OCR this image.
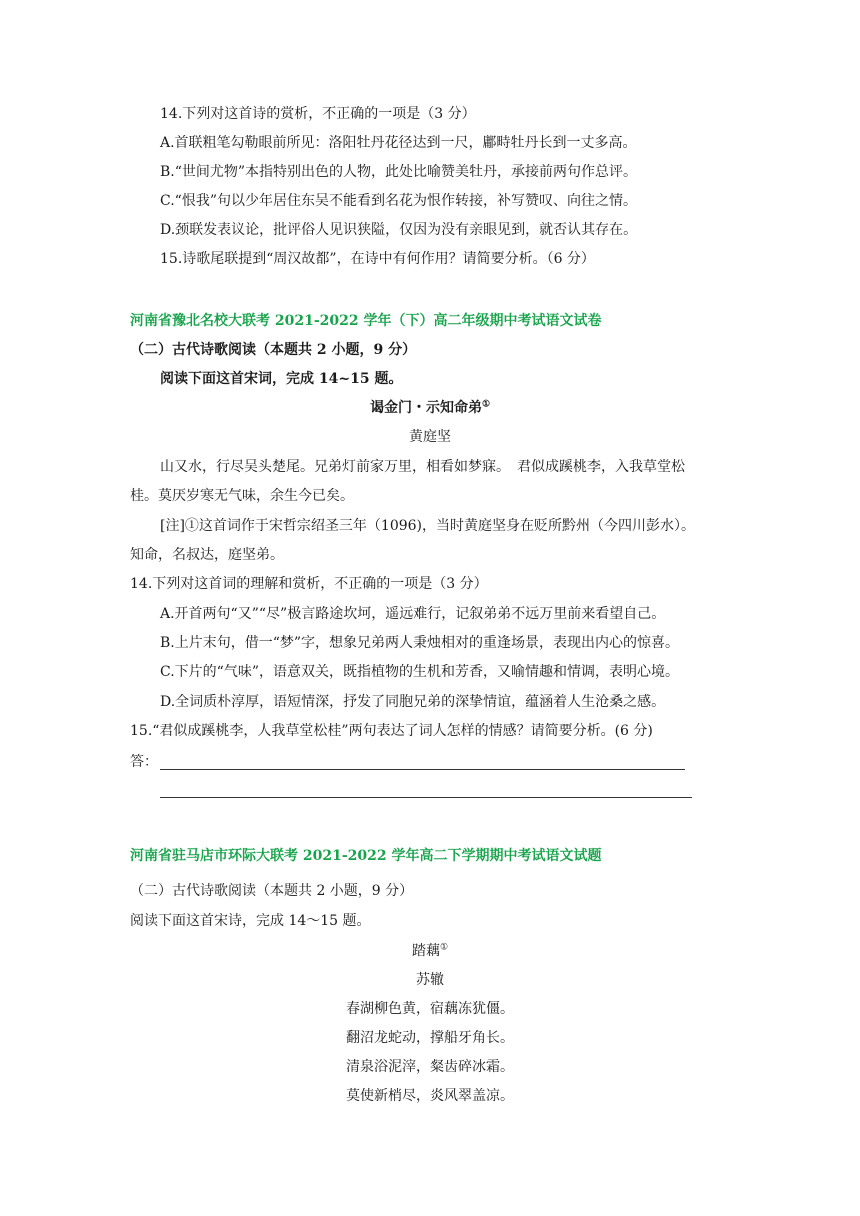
14.下列对这首诗的赏析，不正确的一项是（3 分）
A.首联粗笔勾勒眼前所见：洛阳牡丹花径达到一尺，鄘畤牡丹长到一丈多高。
B.“世间尤物”本指特别出色的人物，此处比喻赞美牡丹，承接前两句作总评。
C.“恨我”句以少年居住东吴不能看到名花为恨作转接，补写赞叹、向往之情。
D.颈联发表议论，批评俗人见识狭隘，仅因为没有亲眼见到，就否认其存在。
15.诗歌尾联提到“周汉故都”，在诗中有何作用？请简要分析。（6 分）
河南省豫北名校大联考 2021-2022 学年（下）高二年级期中考试语文试卷
（二）古代诗歌阅读（本题共 2 小题，9 分）
阅读下面这首宋词，完成 14~15 题。
谒金门・示知命弟①
黄庭坚
山又水，行尽吴头楚尾。兄弟灯前家万里，相看如梦寐。　君似成蹊桃李，入我草堂松
桂。莫厌岁寒无气味，余生今已矣。
[注]①这首词作于宋哲宗绍圣三年（1096)，当时黄庭坚身在贬所黔州（今四川彭水）。
知命，名叔达，庭坚弟。
14.下列对这首词的理解和赏析，不正确的一项是（3 分）
A.开首两句“又”“尽”极言路途坎坷，遥远难行，记叙弟弟不远万里前来看望自己。
B.上片末句，借一“梦”字，想象兄弟两人秉烛相对的重逢场景，表现出内心的惊喜。
C.下片的“气味”，语意双关，既指植物的生机和芳香，又喻情趣和情调，表明心境。
D.全词质朴淳厚，语短情深，抒发了同胞兄弟的深挚情谊，蕴涵着人生沧桑之感。
15.“君似成蹊桃李，人我草堂松桂”两句表达了词人怎样的情感？请简要分析。(6 分)
答：
河南省驻马店市环际大联考 2021-2022 学年高二下学期期中考试语文试题
（二）古代诗歌阅读（本题共 2 小题，9 分）
阅读下面这首宋诗，完成 14～15 题。
踏藕①
苏辙
春湖柳色黄，宿藕冻犹僵。
翻沼龙蛇动，撑船牙角长。
清泉浴泥滓，粲齿碎冰霜。
莫使新梢尽，炎风翠盖凉。
